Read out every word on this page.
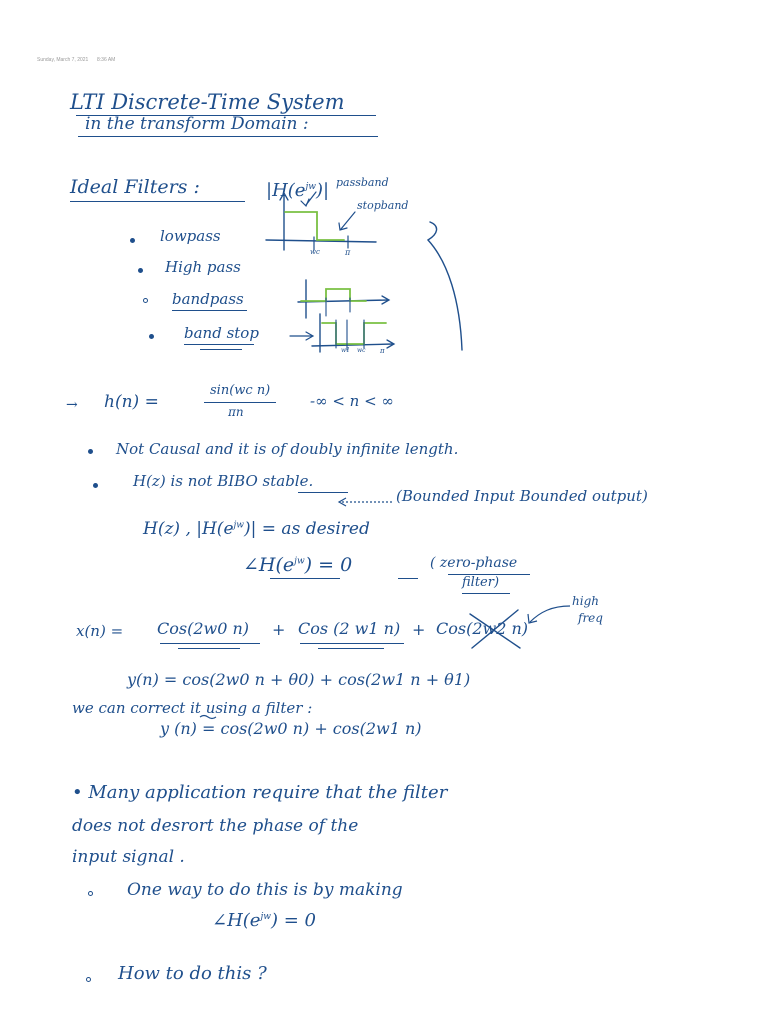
Sunday, March 7, 2021 8:36 AM
LTI Discrete-Time System
in the transform Domain :
Ideal Filters :	$|H(e^{jw})|$ passband
stopband
lowpass
High pass
bandpass
band stop
wc	π
w1 wc π
→ h(n) =
sin(wc n)
πn
-∞ < n < ∞
Not Causal and it is of doubly infinite length.
H(z) is not BIBO stable.
(Bounded Input Bounded output)
H(z) , $|H(e^{jw})|$ = as desired
$\angle H(e^{jw}) = 0$	( zero-phase
filter)
x(n) = Cos(2w0 n) + Cos (2 w1 n) + Cos(2w2 n)
high
freq
y(n) = cos(2w0 n + θ0) + cos(2w1 n + θ1)
we can correct it using a filter :
y (n) = cos(2w0 n) + cos(2w1 n)
• Many application require that the filter
does not desrort the phase of the
input signal .
One way to do this is by making
$\angle H(e^{jw}) = 0$
How to do this ?
